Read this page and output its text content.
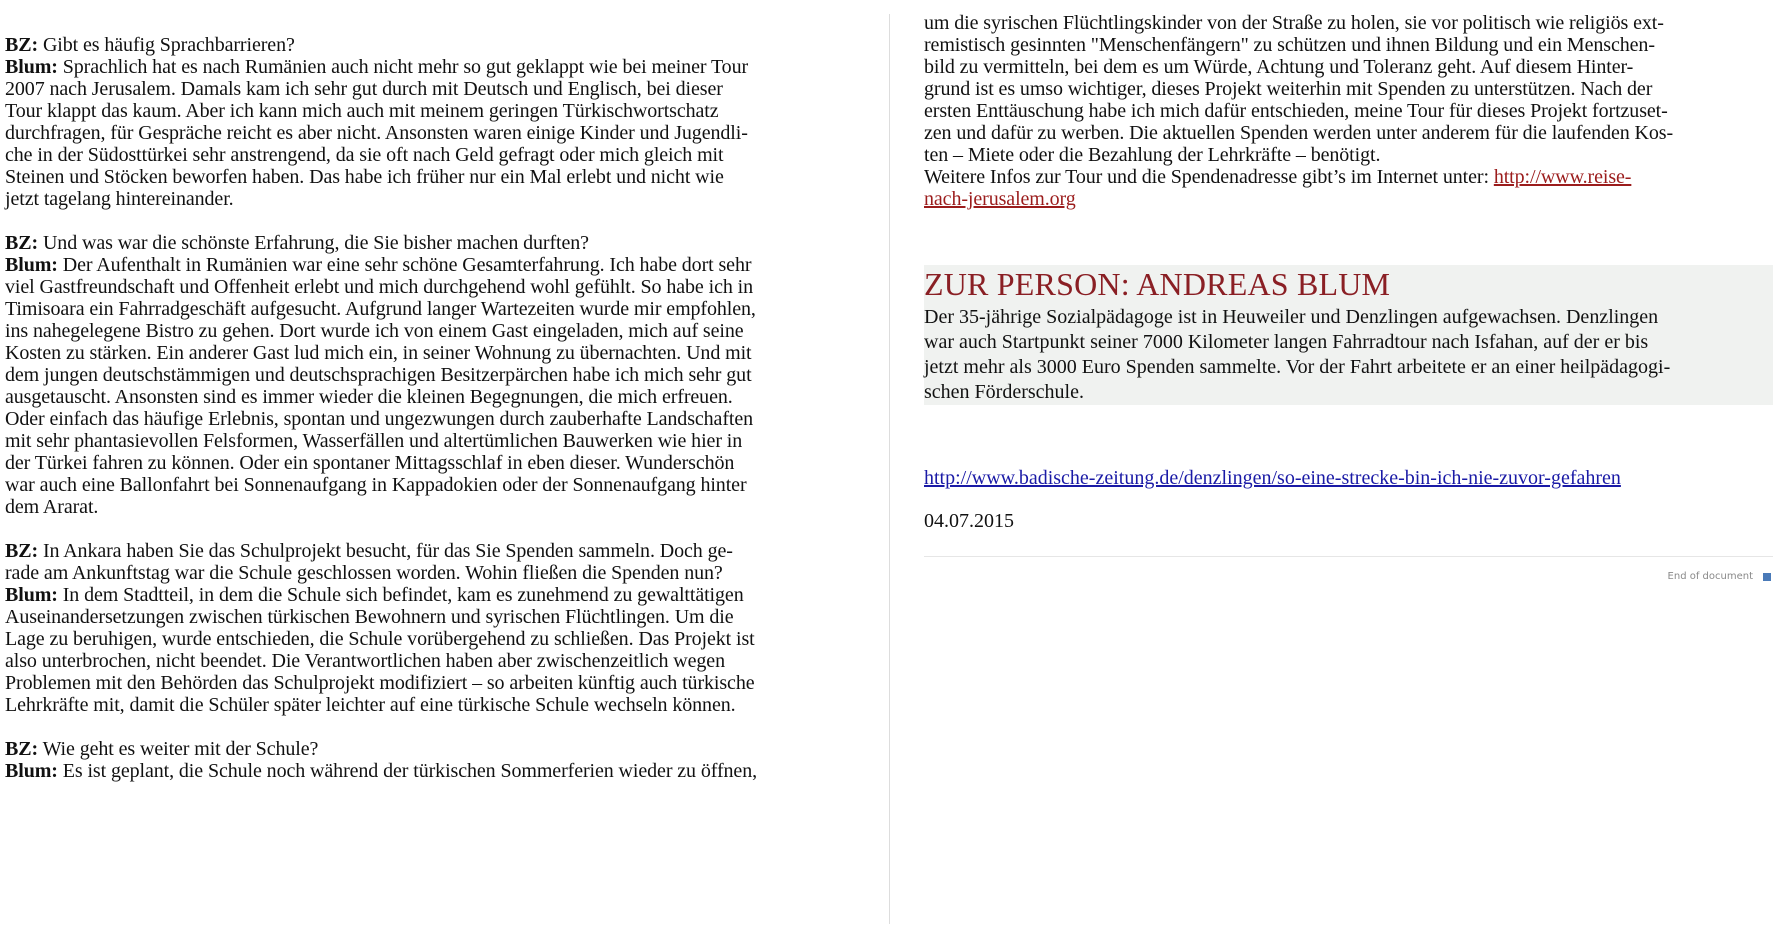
BZ: Gibt es häufig Sprachbarrieren?
Blum: Sprachlich hat es nach Rumänien auch nicht mehr so gut geklappt wie bei meiner Tour
2007 nach Jerusalem. Damals kam ich sehr gut durch mit Deutsch und Englisch, bei dieser
Tour klappt das kaum. Aber ich kann mich auch mit meinem geringen Türkischwortschatz
durchfragen, für Gespräche reicht es aber nicht. Ansonsten waren einige Kinder und Jugendli-
che in der Südosttürkei sehr anstrengend, da sie oft nach Geld gefragt oder mich gleich mit
Steinen und Stöcken beworfen haben. Das habe ich früher nur ein Mal erlebt und nicht wie
jetzt tagelang hintereinander.
BZ: Und was war die schönste Erfahrung, die Sie bisher machen durften?
Blum: Der Aufenthalt in Rumänien war eine sehr schöne Gesamterfahrung. Ich habe dort sehr
viel Gastfreundschaft und Offenheit erlebt und mich durchgehend wohl gefühlt. So habe ich in
Timisoara ein Fahrradgeschäft aufgesucht. Aufgrund langer Wartezeiten wurde mir empfohlen,
ins nahegelegene Bistro zu gehen. Dort wurde ich von einem Gast eingeladen, mich auf seine
Kosten zu stärken. Ein anderer Gast lud mich ein, in seiner Wohnung zu übernachten. Und mit
dem jungen deutschstämmigen und deutschsprachigen Besitzerpärchen habe ich mich sehr gut
ausgetauscht. Ansonsten sind es immer wieder die kleinen Begegnungen, die mich erfreuen.
Oder einfach das häufige Erlebnis, spontan und ungezwungen durch zauberhafte Landschaften
mit sehr phantasievollen Felsformen, Wasserfällen und altertümlichen Bauwerken wie hier in
der Türkei fahren zu können. Oder ein spontaner Mittagsschlaf in eben dieser. Wunderschön
war auch eine Ballonfahrt bei Sonnenaufgang in Kappadokien oder der Sonnenaufgang hinter
dem Ararat.
BZ: In Ankara haben Sie das Schulprojekt besucht, für das Sie Spenden sammeln. Doch ge-
rade am Ankunftstag war die Schule geschlossen worden. Wohin fließen die Spenden nun?
Blum: In dem Stadtteil, in dem die Schule sich befindet, kam es zunehmend zu gewalttätigen
Auseinandersetzungen zwischen türkischen Bewohnern und syrischen Flüchtlingen. Um die
Lage zu beruhigen, wurde entschieden, die Schule vorübergehend zu schließen. Das Projekt ist
also unterbrochen, nicht beendet. Die Verantwortlichen haben aber zwischenzeitlich wegen
Problemen mit den Behörden das Schulprojekt modifiziert – so arbeiten künftig auch türkische
Lehrkräfte mit, damit die Schüler später leichter auf eine türkische Schule wechseln können.
BZ: Wie geht es weiter mit der Schule?
Blum: Es ist geplant, die Schule noch während der türkischen Sommerferien wieder zu öffnen,
um die syrischen Flüchtlingskinder von der Straße zu holen, sie vor politisch wie religiös ext-
remistisch gesinnten "Menschenfängern" zu schützen und ihnen Bildung und ein Menschen-
bild zu vermitteln, bei dem es um Würde, Achtung und Toleranz geht. Auf diesem Hinter-
grund ist es umso wichtiger, dieses Projekt weiterhin mit Spenden zu unterstützen. Nach der
ersten Enttäuschung habe ich mich dafür entschieden, meine Tour für dieses Projekt fortzuset-
zen und dafür zu werben. Die aktuellen Spenden werden unter anderem für die laufenden Kos-
ten – Miete oder die Bezahlung der Lehrkräfte – benötigt.
Weitere Infos zur Tour und die Spendenadresse gibt’s im Internet unter: http://www.reise-
nach-jerusalem.org
ZUR PERSON: ANDREAS BLUM
Der 35-jährige Sozialpädagoge ist in Heuweiler und Denzlingen aufgewachsen. Denzlingen
war auch Startpunkt seiner 7000 Kilometer langen Fahrradtour nach Isfahan, auf der er bis
jetzt mehr als 3000 Euro Spenden sammelte. Vor der Fahrt arbeitete er an einer heilpädagogi-
schen Förderschule.
http://www.badische-zeitung.de/denzlingen/so-eine-strecke-bin-ich-nie-zuvor-gefahren
04.07.2015
End of document
